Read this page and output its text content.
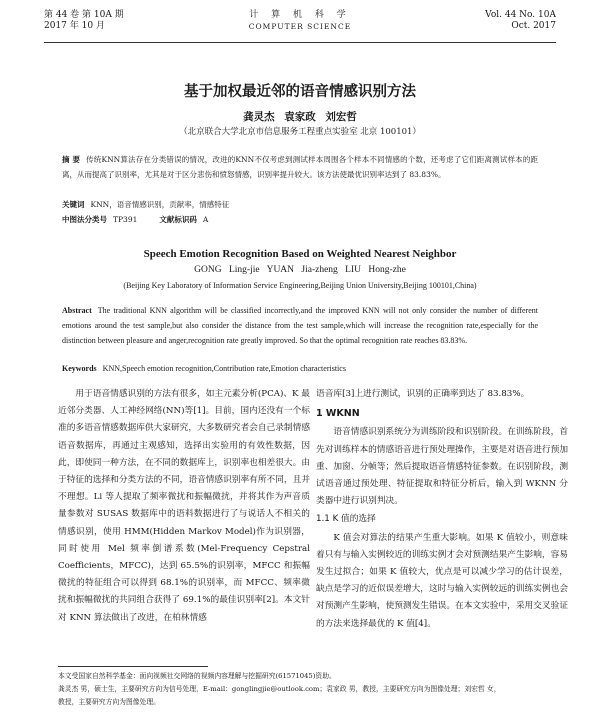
第 44 卷 第 10A 期
2017 年 10 月
计 算 机 科 学
COMPUTER SCIENCE
Vol. 44 No. 10A
Oct. 2017
基于加权最近邻的语音情感识别方法
龚灵杰 袁家政 刘宏哲
（北京联合大学北京市信息服务工程重点实验室 北京 100101）
摘 要 传统KNN算法存在分类错误的情况，改进的KNN不仅考虑到测试样本周围各个样本不同情感的个数，还考虑了它们距离测试样本的距离，从而提高了识别率，尤其是对于区分悲伤和愤怒情感，识别率提升较大。该方法使最优识别率达到了 83.83%。
关键词 KNN，语音情感识别，贡献率，情感特征
中图法分类号 TP391	文献标识码 A
Speech Emotion Recognition Based on Weighted Nearest Neighbor
GONG Ling-jie YUAN Jia-zheng LIU Hong-zhe
(Beijing Key Laboratory of Information Service Engineering,Beijing Union University,Beijing 100101,China)
Abstract The traditional KNN algorithm will be classified incorrectly,and the improved KNN will not only consider the number of different emotions around the test sample,but also consider the distance from the test sample,which will increase the recognition rate,especially for the distinction between pleasure and anger,recognition rate greatly improved. So that the optimal recognition rate reaches 83.83%.
Keywords KNN,Speech emotion recognition,Contribution rate,Emotion characteristics

用于语音情感识别的方法有很多，如主元素分析(PCA)、K 最近邻分类器、人工神经网络(NN)等[1]。目前，国内还没有一个标准的多语音情感数据库供大家研究，大多数研究者会自己录制情感语音数据库，再通过主观感知，选择出实验用的有效性数据，因此，即使同一种方法，在不同的数据库上，识别率也相差很大。由于特征的选择和分类方法的不同，语音情感识别率有所不同，且并不理想。Li 等人提取了频率微扰和振幅微扰，并将其作为声音质量参数对 SUSAS 数据库中的语料数据进行了与说话人不相关的情感识别，使用 HMM(Hidden Markov Model)作为识别器，同时使用 Mel 频率倒谱系数(Mel-Frequency Cepstral Coefficients，MFCC)，达到 65.5%的识别率，MFCC 和振幅微扰的特征组合可以得到 68.1%的识别率，而 MFCC、频率微扰和振幅微扰的共同组合获得了 69.1%的最佳识别率[2]。本文针对 KNN 算法做出了改进，在柏林情感

语音库[3]上进行测试，识别的正确率到达了 83.83%。

1 WKNN

语音情感识别系统分为训练阶段和识别阶段。在训练阶段，首先对训练样本的情感语音进行预处理操作，主要是对语音进行预加重、加窗、分帧等；然后提取语音情感特征参数。在识别阶段，测试语音通过预处理、特征提取和特征分析后，输入到 WKNN 分类器中进行识别判决。

1.1 K 值的选择

K 值会对算法的结果产生重大影响。如果 K 值较小，则意味着只有与输入实例较近的训练实例才会对预测结果产生影响，容易发生过拟合；如果 K 值较大，优点是可以减少学习的估计误差，缺点是学习的近似误差增大，这时与输入实例较远的训练实例也会对预测产生影响，使预测发生错误。在本文实验中，采用交叉验证的方法来选择最优的 K 值[4]。

本文受国家自然科学基金：面向视频社交网络的视频内容理解与挖掘研究(61571045)资助。
龚灵杰 男，硕士生，主要研究方向为信号处理，E-mail：gonglingjie@outlook.com；袁家政 男，教授，主要研究方向为图像处理；刘宏哲 女，
教授，主要研究方向为图像处理。
